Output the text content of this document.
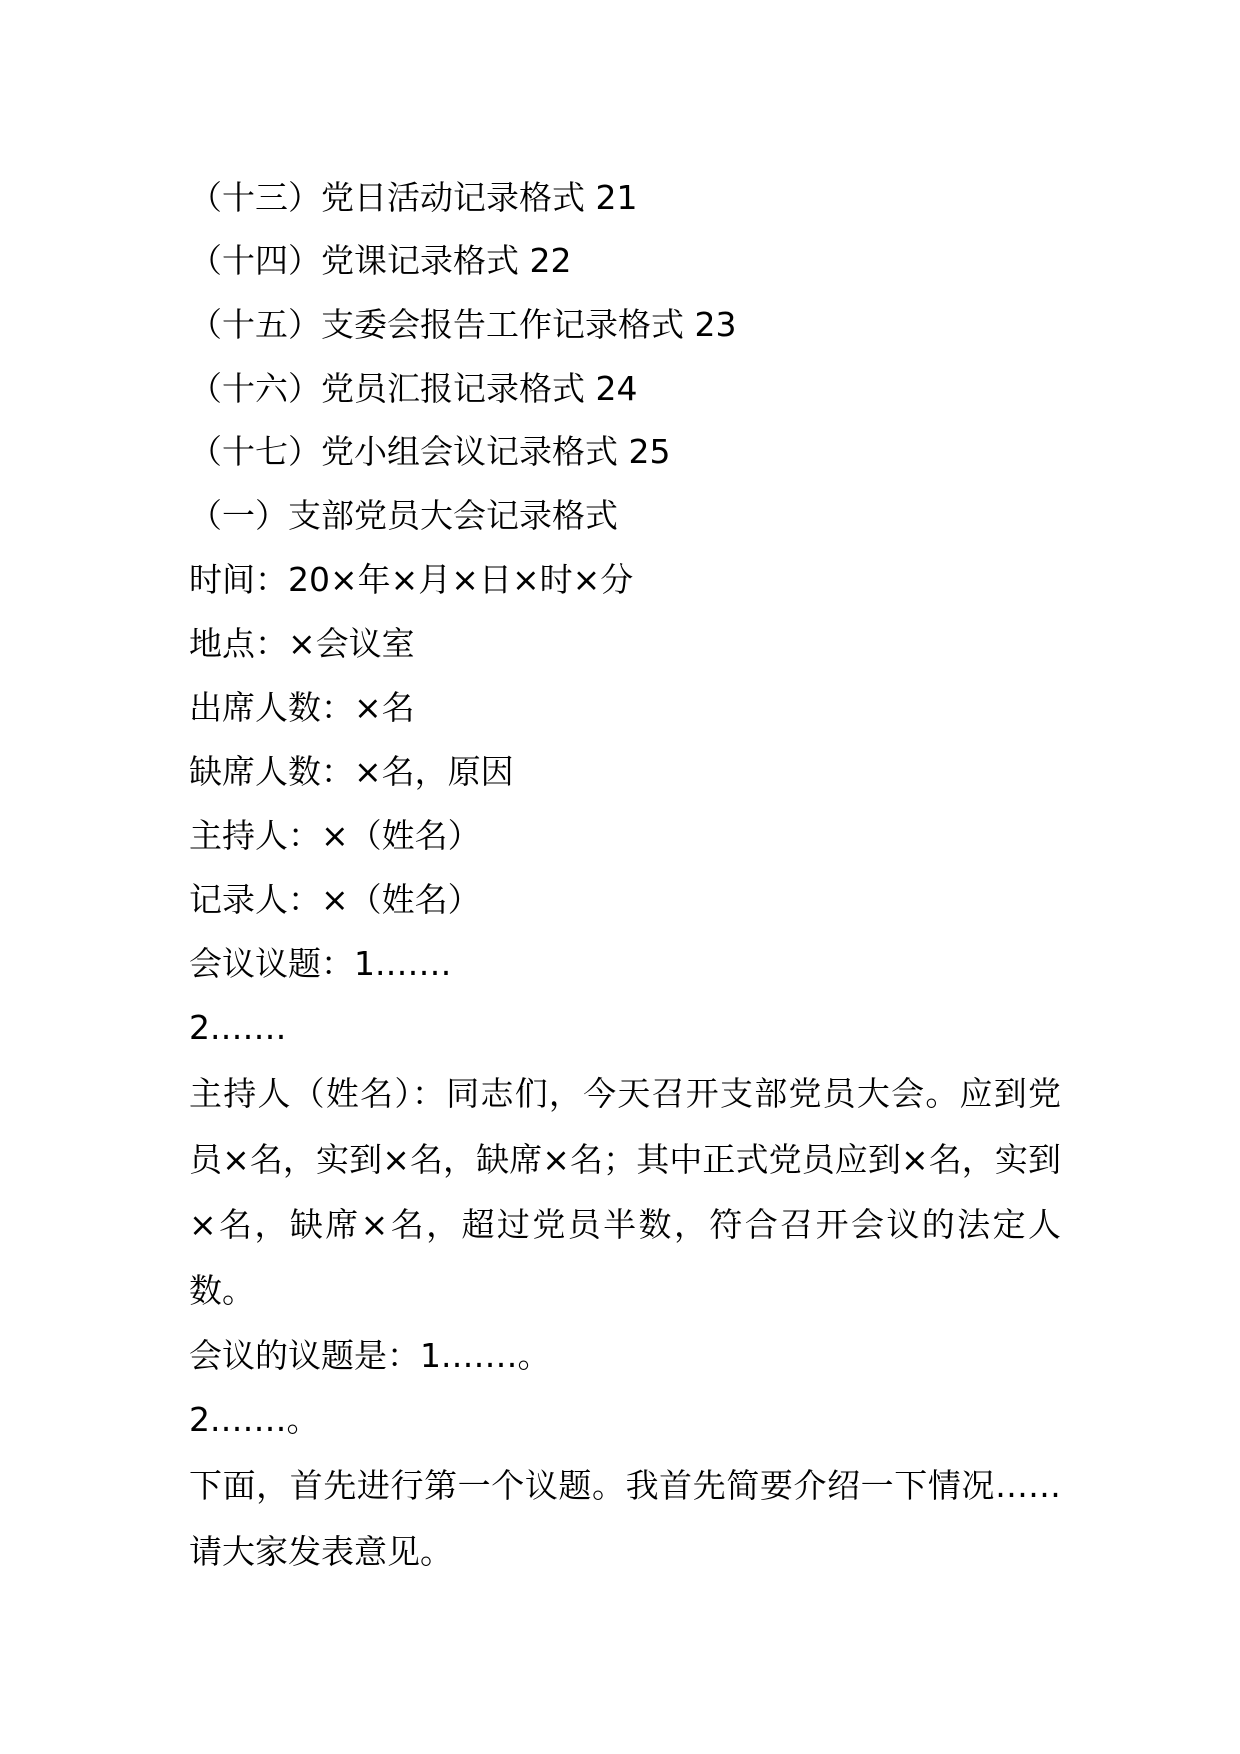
（十三）党日活动记录格式 21
（十四）党课记录格式 22
（十五）支委会报告工作记录格式 23
（十六）党员汇报记录格式 24
（十七）党小组会议记录格式 25
（一）支部党员大会记录格式
时间：20×年×月×日×时×分
地点：×会议室
出席人数：×名
缺席人数：×名，原因
主持人：×（姓名）
记录人：×（姓名）
会议议题：1.……
2.……
主持人（姓名）：同志们，今天召开支部党员大会。应到党员×名，实到×名，缺席×名；其中正式党员应到×名，实到×名，缺席×名，超过党员半数，符合召开会议的法定人数。
会议的议题是：1.……。
2.……。
下面，首先进行第一个议题。我首先简要介绍一下情况……请大家发表意见。
